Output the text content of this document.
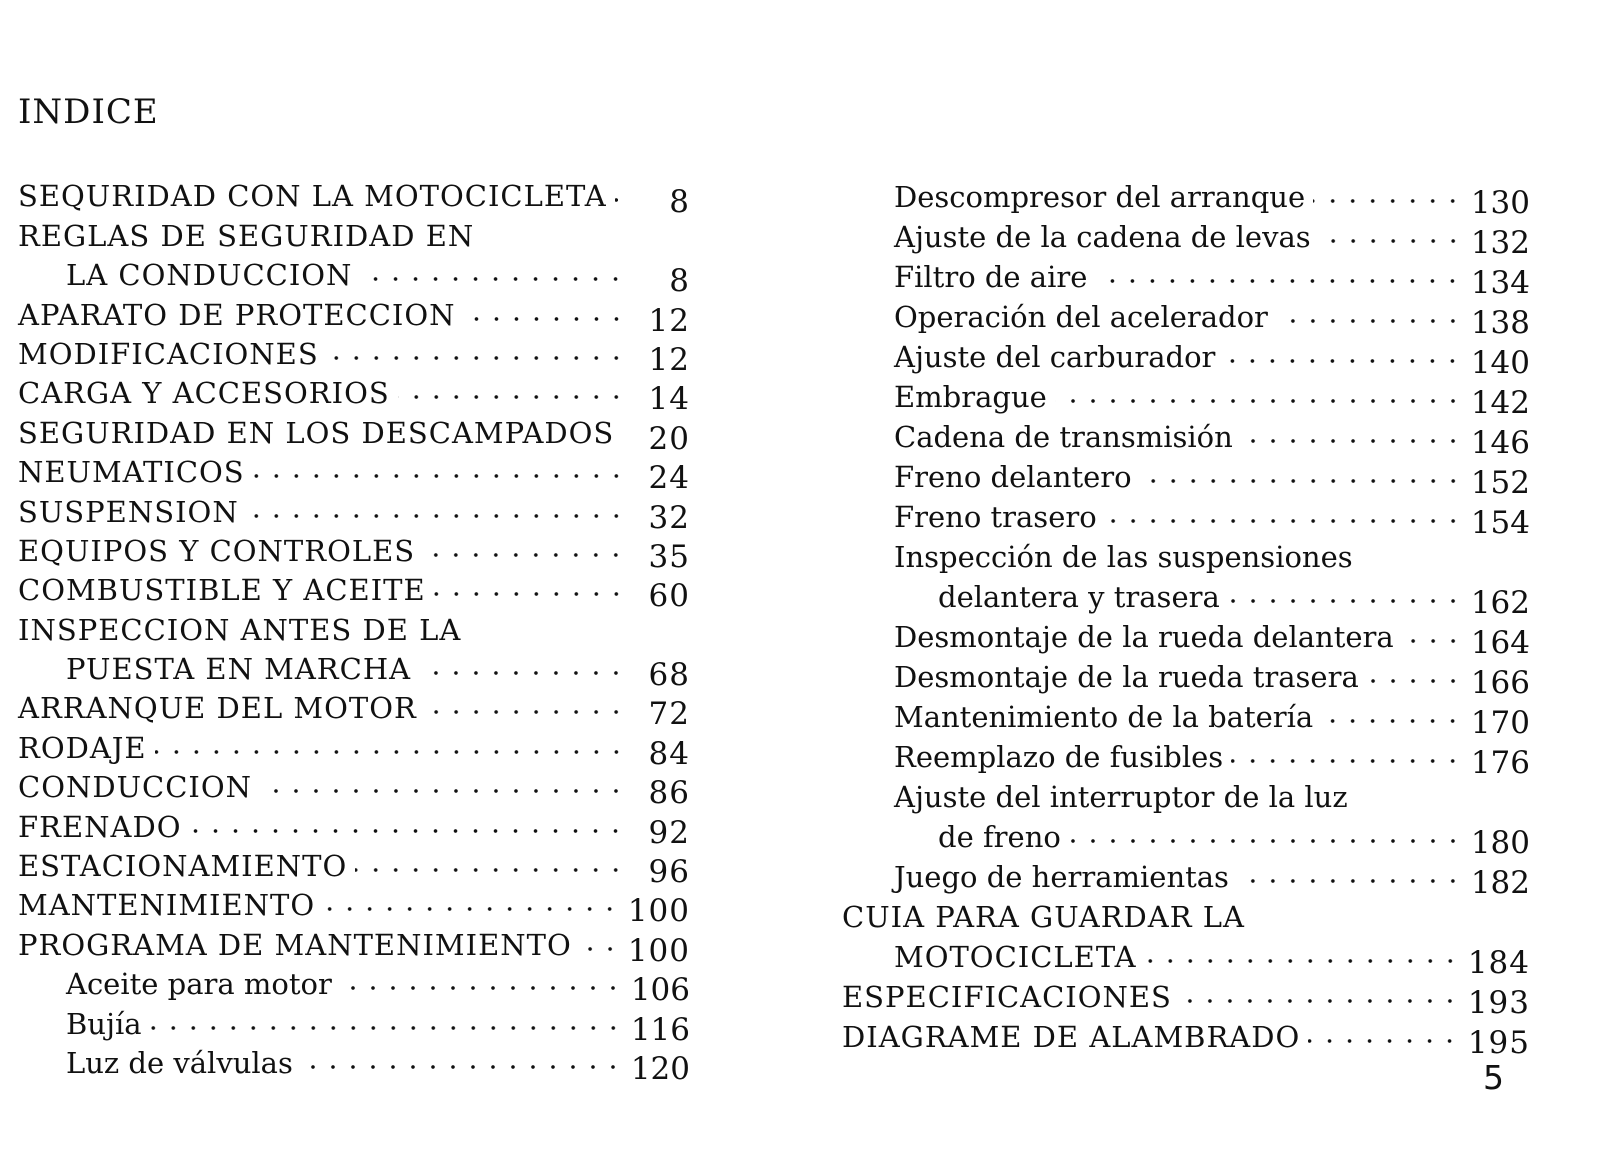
INDICE
SEQURIDAD CON LA MOTOCICLETA	8
REGLAS DE SEGURIDAD EN
LA CONDUCCION	8
APARATO DE PROTECCION	12
MODIFICACIONES	12
CARGA Y ACCESORIOS	14
SEGURIDAD EN LOS DESCAMPADOS	20
NEUMATICOS	24
SUSPENSION	32
EQUIPOS Y CONTROLES	35
COMBUSTIBLE Y ACEITE	60
INSPECCION ANTES DE LA
PUESTA EN MARCHA	68
ARRANQUE DEL MOTOR	72
RODAJE	84
CONDUCCION	86
FRENADO	92
ESTACIONAMIENTO	96
MANTENIMIENTO	100
PROGRAMA DE MANTENIMIENTO 100
Aceite para motor	106
Bujía	116
Luz de válvulas	120
Descompresor del arranque	130
Ajuste de la cadena de levas	132
Filtro de aire	134
Operación del acelerador	138
Ajuste del carburador	140
Embrague	142
Cadena de transmisión	146
Freno delantero	152
Freno trasero	154
Inspección de las suspensiones
delantera y trasera	162
Desmontaje de la rueda delantera 164
Desmontaje de la rueda trasera	166
Mantenimiento de la batería	170
Reemplazo de fusibles	176
Ajuste del interruptor de la luz
de freno	180
Juego de herramientas	182
CUIA PARA GUARDAR LA
MOTOCICLETA	184
ESPECIFICACIONES	193
DIAGRAME DE ALAMBRADO	195
5
